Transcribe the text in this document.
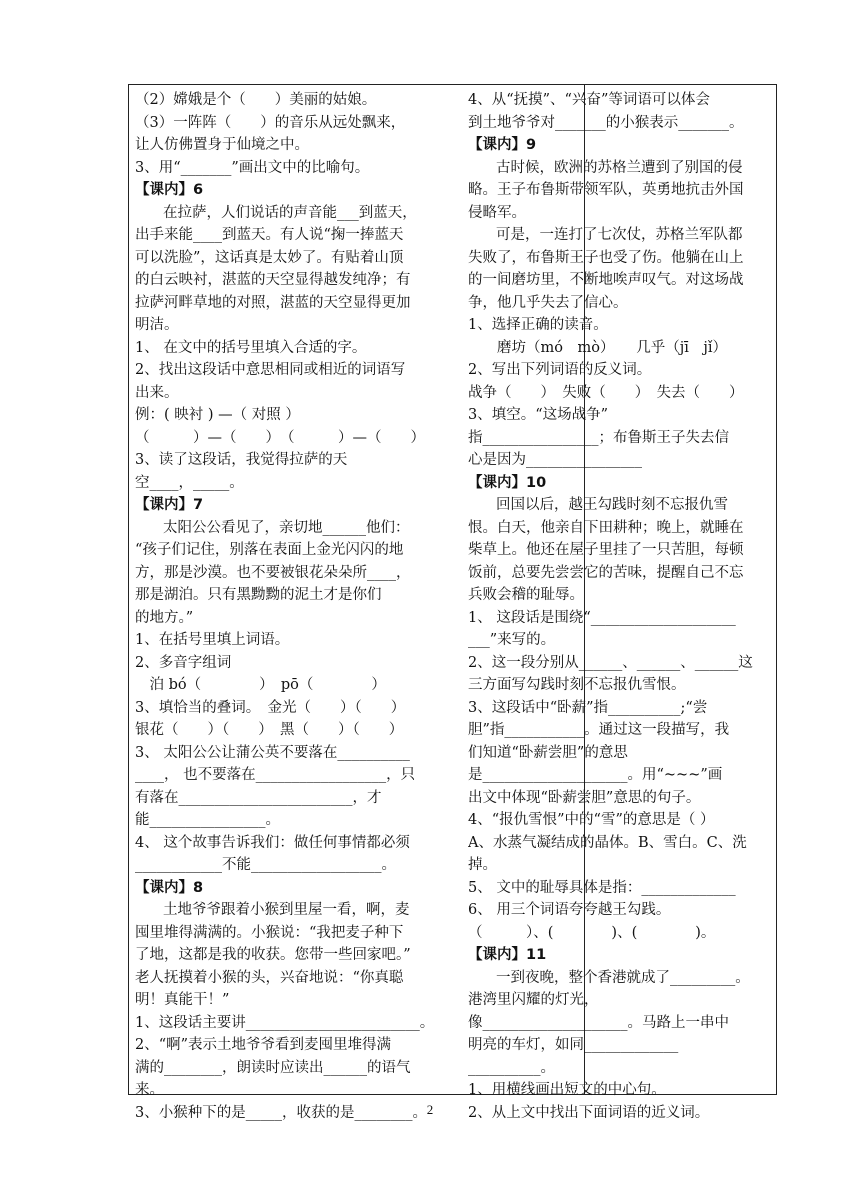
（2）嫦娥是个（　　）美丽的姑娘。
（3）一阵阵（　　）的音乐从远处飘来，
让人仿佛置身于仙境之中。
3、用“_______”画出文中的比喻句。
【课内】6
在拉萨，人们说话的声音能___到蓝天，
出手来能____到蓝天。有人说“掬一捧蓝天
可以洗脸”，这话真是太妙了。有贴着山顶
的白云映衬，湛蓝的天空显得越发纯净；有
拉萨河畔草地的对照，湛蓝的天空显得更加
明洁。
1、 在文中的括号里填入合适的字。
2、找出这段话中意思相同或相近的词语写
出来。
例：( 映衬 ) —（ 对照 ）
（　　　）—（　　）　（　　　）—（　　）
3、读了这段话，我觉得拉萨的天
空____，_____。
【课内】7
太阳公公看见了，亲切地______他们：
“孩子们记住，别落在表面上金光闪闪的地
方，那是沙漠。也不要被银花朵朵所____，
那是湖泊。只有黑黝黝的泥土才是你们
的地方。”
1、在括号里填上词语。
2、多音字组词
　泊 bó（　　　　）　pō（　　　　）
3、填恰当的叠词。　金光（　　）（　　）
银花（　　）（　　）　黑（　　）（　　）
3、 太阳公公让蒲公英不要落在__________
____， 也不要落在__________________，只
有落在________________________，才
能________________。
4、 这个故事告诉我们：做任何事情都必须
____________不能__________________。
【课内】8
土地爷爷跟着小猴到里屋一看，啊，麦
囤里堆得满满的。小猴说：“我把麦子种下
了地，这都是我的收获。您带一些回家吧。”
老人抚摸着小猴的头，兴奋地说：“你真聪
明！真能干！”
1、这段话主要讲________________________。
2、“啊”表示土地爷爷看到麦囤里堆得满
满的________，朗读时应读出______的语气
来。
3、小猴种下的是_____，收获的是________。
4、从“抚摸”、“兴奋”等词语可以体会
到土地爷爷对_______的小猴表示_______。
【课内】9
古时候，欧洲的苏格兰遭到了别国的侵
略。王子布鲁斯带领军队，英勇地抗击外国
侵略军。
可是，一连打了七次仗，苏格兰军队都
失败了，布鲁斯王子也受了伤。他躺在山上
的一间磨坊里，不断地唉声叹气。对这场战
争，他几乎失去了信心。
1、选择正确的读音。
　　磨坊（mó　mò）　　几乎（jī　jǐ）
2、写出下列词语的反义词。
战争（　　）　失败（　　）　失去（　　）
3、填空。“这场战争”
指________________；布鲁斯王子失去信
心是因为________________
【课内】10
回国以后，越王勾践时刻不忘报仇雪
恨。白天，他亲自下田耕种；晚上，就睡在
柴草上。他还在屋子里挂了一只苦胆，每顿
饭前，总要先尝尝它的苦味，提醒自己不忘
兵败会稽的耻辱。
1、 这段话是围绕“____________________
___”来写的。
2、这一段分别从______、______、______这
三方面写勾践时刻不忘报仇雪恨。
3、这段话中“卧薪”指__________;“尝
胆”指___________。通过这一段描写，我
们知道“卧薪尝胆”的意思
是____________________。用“~~~”画
出文中体现“卧薪尝胆”意思的句子。
4、“报仇雪恨”中的“雪”的意思是（ ）
A、水蒸气凝结成的晶体。B、雪白。C、洗
掉。
5、 文中的耻辱具体是指：_____________
6、 用三个词语夸夸越王勾践。
（　　　）、(　　　　)、(　　　　)。
【课内】11
一到夜晚，整个香港就成了_________。
港湾里闪耀的灯光，
像____________________。马路上一串中
明亮的车灯，如同_____________
__________。
1、用横线画出短文的中心句。
2、从上文中找出下面词语的近义词。
2
